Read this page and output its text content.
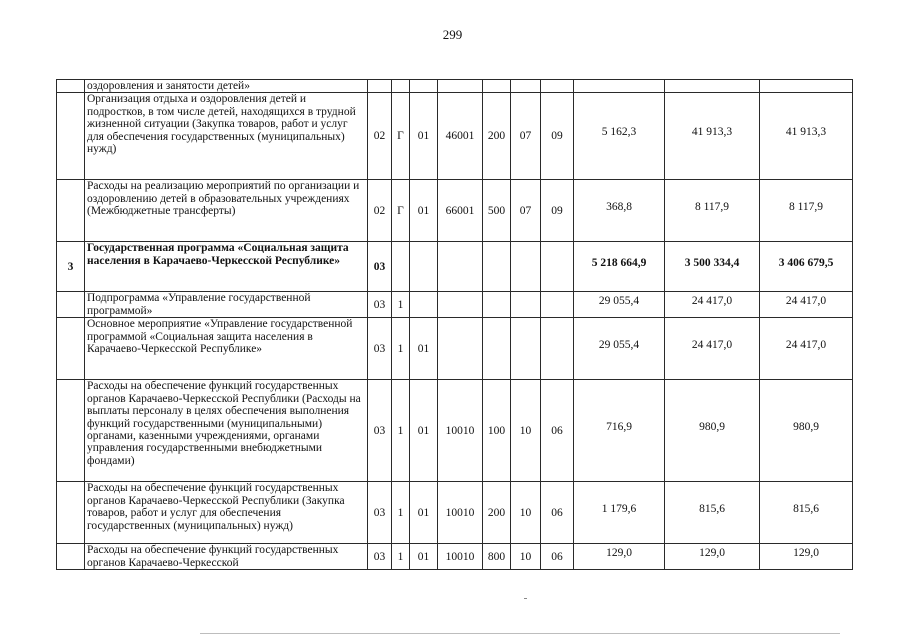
299
	оздоровления и занятости детей»										
	Организация отдыха и оздоровления детей и подростков, в том числе детей, находящихся в трудной жизненной ситуации (Закупка товаров, работ и услуг для обеспечения государственных (муниципальных) нужд)	02	Г	01	46001	200	07	09	5 162,3	41 913,3	41 913,3
	Расходы на реализацию мероприятий по организации и оздоровлению детей в образовательных учреждениях (Межбюджетные трансферты)	02	Г	01	66001	500	07	09	368,8	8 117,9	8 117,9
3	Государственная программа «Социальная защита населения в Карачаево-Черкесской Республике»	03							5 218 664,9	3 500 334,4	3 406 679,5
	Подпрограмма «Управление государственной программой»	03	1						29 055,4	24 417,0	24 417,0
	Основное мероприятие «Управление государственной программой «Социальная защита населения в Карачаево-Черкесской Республике»	03	1	01					29 055,4	24 417,0	24 417,0
	Расходы на обеспечение функций государственных органов Карачаево-Черкесской Республики (Расходы на выплаты персоналу в целях обеспечения выполнения функций государственными (муниципальными) органами, казенными учреждениями, органами управления государственными внебюджетными фондами)	03	1	01	10010	100	10	06	716,9	980,9	980,9
	Расходы на обеспечение функций государственных органов Карачаево-Черкесской Республики (Закупка товаров, работ и услуг для обеспечения государственных (муниципальных) нужд)	03	1	01	10010	200	10	06	1 179,6	815,6	815,6
	Расходы на обеспечение функций государственных органов Карачаево-Черкесской	03	1	01	10010	800	10	06	129,0	129,0	129,0
